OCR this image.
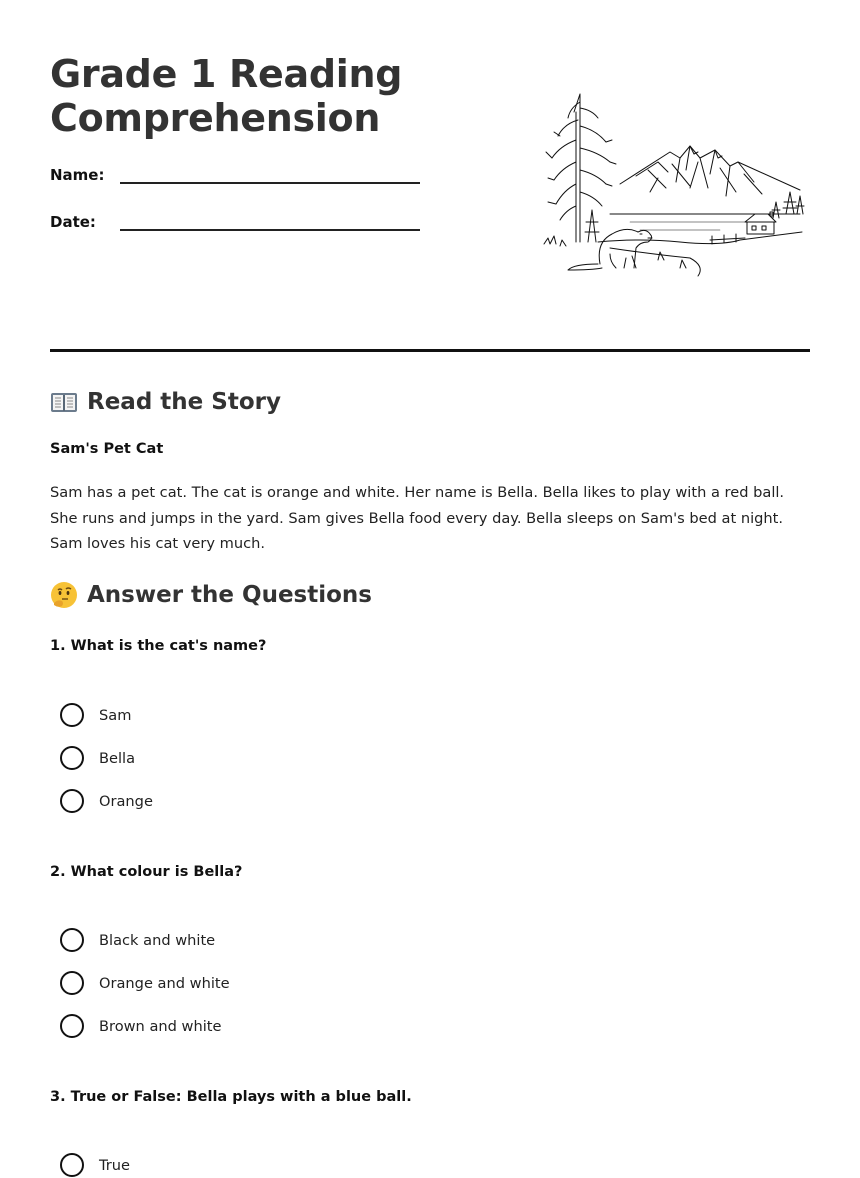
Grade 1 Reading
Comprehension
Name:
Date:
Read the Story
Sam's Pet Cat

Sam has a pet cat. The cat is orange and white. Her name is Bella. Bella likes to play with a red ball. She runs and jumps in the yard. Sam gives Bella food every day. Bella sleeps on Sam's bed at night. Sam loves his cat very much.

Answer the Questions
1. What is the cat's name?
Sam
Bella
Orange
2. What colour is Bella?
Black and white
Orange and white
Brown and white
3. True or False: Bella plays with a blue ball.
True
